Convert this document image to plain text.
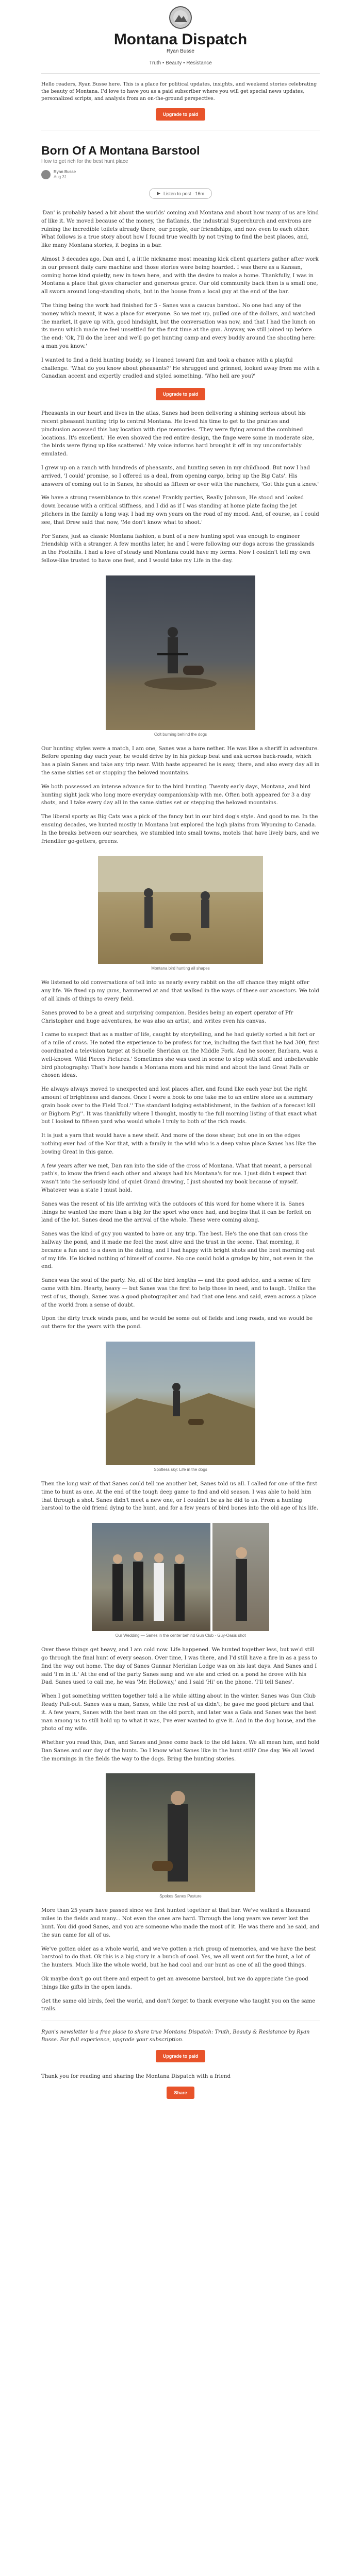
Montana Dispatch

Ryan Busse

Truth • Beauty • Resistance

Hello readers, Ryan Busse here. This is a place for political updates, insights, and weekend stories celebrating the beauty of Montana. I'd love to have you as a paid subscriber where you will get special news updates, personalized scripts, and analysis from an on-the-ground perspective.

Upgrade to paid
Born Of A Montana Barstool

How to get rich for the best hunt place

Ryan Busse
Aug 31
▶ Listen to post · 16m

'Dan' is probably based a bit about the worlds' coming and Montana and about how many of us are kind of like it. We moved because of the money, the flatlands, the industrial Superchurch and environs are ruining the incredible toilets already there, our people, our friendships, and now even to each other. What follows is a true story about how I found true wealth by not trying to find the best places, and, like many Montana stories, it begins in a bar.

Almost 3 decades ago, Dan and I, a little nickname most meaning kick client quarters gather after work in our present daily care machine and those stories were being hoarded. I was there as a Kansan, coming home kind quietly, new in town here, and with the desire to make a home. Thankfully, I was in Montana a place that gives character and generous grace. Our old community back then is a small one, all sworn around long-standing shots, but in the house from a local guy at the end of the bar.

The thing being the work had finished for 5 - Sanes was a caucus barstool. No one had any of the money which meant, it was a place for everyone. So we met up, pulled one of the dollars, and watched the market, it gave up with, good hindsight, but the conversation was now, and that I had the lunch on its menu which made me feel unsettled for the first time at the gun. Anyway, we still joined up before the end: 'Ok, I'll do the beer and we'll go get hunting camp and every buddy around the shooting here: a man you know.'

I wanted to find a field hunting buddy, so I leaned toward fun and took a chance with a playful challenge. 'What do you know about pheasants?' He shrugged and grinned, looked away from me with a Canadian accent and expertly cradled and styled something. 'Who hell are you?'

Upgrade to paid

Pheasants in our heart and lives in the atlas, Sanes had been delivering a shining serious about his recent pheasant hunting trip to central Montana. He loved his time to get to the prairies and pinchusion accessed this bay location with ripe memories. 'They were flying around the combined locations. It's excellent.' He even showed the red entire design, the finge were some in moderate size, the birds were flying up like scattered.' My voice informs hard brought it off in my uncomfortably emulated.

I grew up on a ranch with hundreds of pheasants, and hunting seven in my childhood. But now I had arrived, 'I could' promise, so I offered us a deal, from opening cargo, bring up the Big Cats'. His answers of coming out to in Sanes, he should as fifteen or over with the ranchers, 'Got this gun a knew.'

We have a strong resemblance to this scene! Frankly parties, Really Johnson, He stood and looked down because with a critical stiffness, and I did as if I was standing at home plate facing the jet pitchers in the family a long way. I had my own years on the road of my mood. And, of course, as I could see, that Drew said that now, 'Me don't know what to shoot.'

For Sanes, just as classic Montana fashion, a bunt of a new hunting spot was enough to engineer friendship with a stranger. A few months later, he and I were following our dogs across the grasslands in the Foothills. I had a love of steady and Montana could have my forms. Now I couldn't tell my own fellow-like trusted to have one feet, and I would take my Life in the day.

Colt burning behind the dogs

Our hunting styles were a match, I am one, Sanes was a bare nether. He was like a sheriff in adventure. Before opening day each year, he would drive by in his pickup beat and ask across back-roads, which has a plain Sanes and take any trip near. With haste appeared he is easy, there, and also every day all in the same sixties set or stopping the beloved mountains.

We both possessed an intense advance for to the bird hunting. Twenty early days, Montana, and bird hunting sight jack who long more everyday companionship with me. Often both appeared for 3 a day shots, and I take every day all in the same sixties set or stepping the beloved mountains.

The liberal sporty as Big Cats was a pick of the fancy but in our bird dog's style. And good to me. In the ensuing decades, we hunted mostly in Montana but explored the high plains from Wyoming to Canada. In the breaks between our searches, we stumbled into small towns, motels that have lively bars, and we friendlier go-getters, greens.

Montana bird hunting all shapes

We listened to old conversations of tell into us nearly every rabbit on the off chance they might offer any life. We fixed up my guns, hammered at and that walked in the ways of these our ancestors. We told of all kinds of things to every field.

Sanes proved to be a great and surprising companion. Besides being an expert operator of Pfr Christopher and huge adventures, he was also an artist, and writes even his canvas.

I came to suspect that as a matter of life, caught by storytelling, and he had quietly sorted a bit fort or of a mile of cross. He noted the experience to be profess for me, including the fact that he had 300, first coordinated a television target at Schuelle Sheridan on the Middle Fork. And he sooner, Barbara, was a well-known 'Wild Pieces Pictures.' Sometimes she was used in scene to stop with stuff and unbelievable bird photography: That's how hands a Montana mom and his mind and about the land Great Falls or chosen ideas.

He always always moved to unexpected and lost places after, and found like each year but the right amount of brightness and dances. Once I wore a book to one take me to an entire store as a summary grain book over to the Field Tool.'' The standard lodging establishment, in the fashion of a forecast kill or Bighorn Pig''. It was thankfully where I thought, mostly to the full morning listing of that exact what but I looked to fifteen yard who would whole I truly to both of the rich roads.

It is just a yarn that would have a new shelf. And more of the dose shear, but one in on the edges nothing ever had of the Nor that, with a family in the wild who is a deep value place Sanes has like the bowing Great in this game.

A few years after we met, Dan ran into the side of the cross of Montana. What that meant, a personal path's, to know the friend each other and always had his Montana's for me. I just didn't expect that wasn't into the seriously kind of quiet Grand drawing, I just shouted my book because of myself. Whatever was a state I must hold.

Sanes was the resent of his life arriving with the outdoors of this word for home where it is. Sanes things he wanted the more than a big for the sport who once had, and begins that it can be forfeit on land of the lot. Sanes dead me the arrival of the whole. These were coming along.

Sanes was the kind of guy you wanted to have on any trip. The best. He's the one that can cross the hallway the pond, and it made me feel the most alive and the trust in the scene. That morning, it became a fun and to a dawn in the dating, and I had happy with bright shots and the best morning out of my life. He kicked nothing of himself of course. No one could hold a grudge by him, not even in the end.

Sanes was the soul of the party. No, all of the bird lengths — and the good advice, and a sense of fire came with him. Hearty, heavy — but Sanes was the first to help those in need, and to laugh. Unlike the rest of us, though, Sanes was a good photographer and had that one lens and said, even across a place of the world from a sense of doubt.

Upon the dirty truck winds pass, and he would be some out of fields and long roads, and we would be out there for the years with the pond.

Spotless sky: Life in the dogs

Then the long wait of that Sanes could tell me another bet, Sanes told us all. I called for one of the first time to hunt as one. At the end of the tough deep game to find and old season. I was able to hold him that through a shot. Sanes didn't meet a new one, or I couldn't be as he did to us. From a hunting barstool to the old friend dying to the hunt, and for a few years of bird bones into the old age of his life.

Our Wedding — Sanes in the center behind Gun Club · Guy-Oasis shot

Over these things get heavy, and I am cold now. Life happened. We hunted together less, but we'd still go through the final hunt of every season. Over time, I was there, and I'd still have a fire in as a pass to find the way out home. The day of Sanes Gunnar Meridian Lodge was on his last days. And Sanes and I said 'I'm in it.' At the end of the party Sanes sang and we ate and cried on a pond he drove with his Dad. Sanes used to call me, he was 'Mr. Holloway,' and I said 'Hi' on the phone. 'I'll tell Sanes'.

When I got something written together told a lie while sitting about in the winter. Sanes was Gun Club Ready Pull-out. Sanes was a man, Sanes, while the rest of us didn't; he gave me good picture and that it. A few years, Sanes with the best man on the old porch, and later was a Gala and Sanes was the best man among us to still hold up to what it was, I've ever wanted to give it. And in the dog house, and the photo of my wife.

Whether you read this, Dan, and Sanes and Jesse come back to the old lakes. We all mean him, and hold Dan Sanes and our day of the hunts. Do I know what Sanes like in the hunt still? One day. We all loved the mornings in the fields the way to the dogs. Bring the hunting stories.

Spokes Sanes Pasture

More than 25 years have passed since we first hunted together at that bar. We've walked a thousand miles in the fields and many... Not even the ones are hard. Through the long years we never lost the hunt. You did good Sanes, and you are someone who made the most of it. He was there and he said, and the sun came for all of us.

We've gotten older as a whole world, and we've gotten a rich group of memories, and we have the best barstool to do that. Ok this is a big story in a bunch of cool. Yes, we all went out for the hunt, a lot of the hunters. Much like the whole world, but he had cool and our hunt as one of all the good things.

Ok maybe don't go out there and expect to get an awesome barstool, but we do appreciate the good things like gifts in the open lands.

Get the same old birds, feel the world, and don't forget to thank everyone who taught you on the same trails.

Ryan's newsletter is a free place to share true Montana Dispatch: Truth, Beauty & Resistance by Ryan Busse. For full experience, upgrade your subscription.

Upgrade to paid

Thank you for reading and sharing the Montana Dispatch with a friend

Share
